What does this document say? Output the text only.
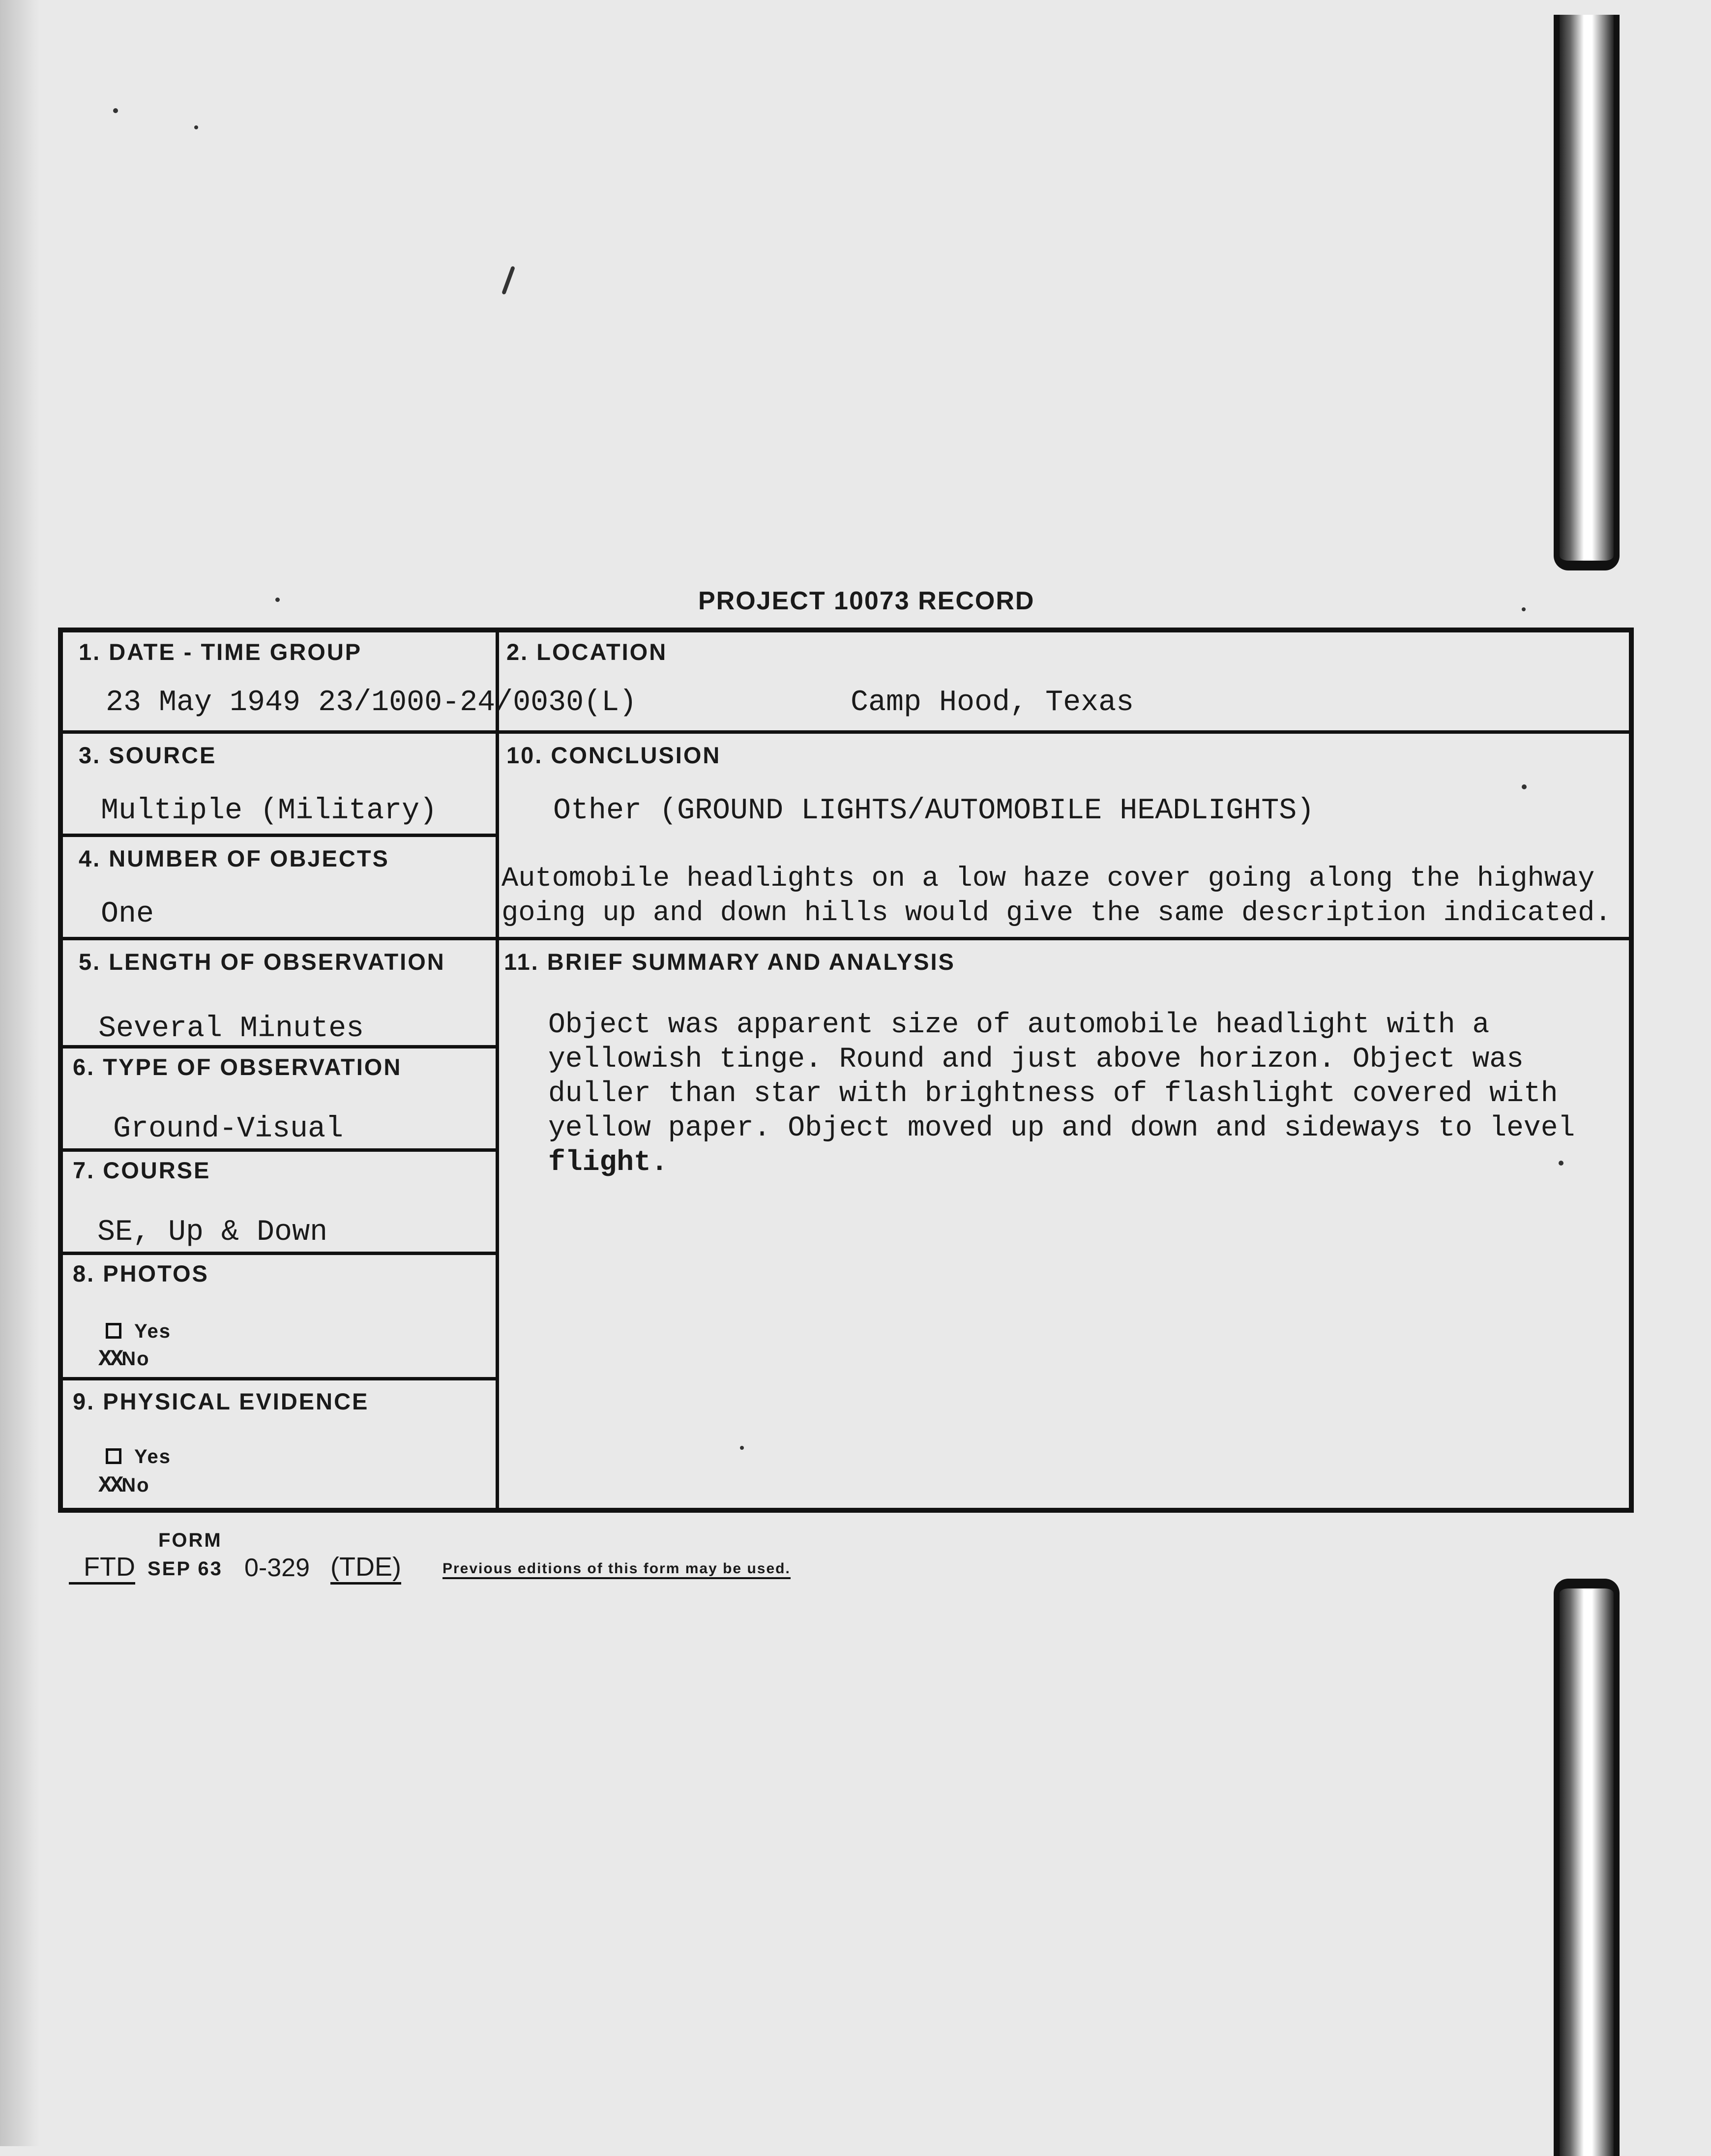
PROJECT 10073 RECORD
1. DATE - TIME GROUP
23 May 1949 23/1000-24/0030(L)
2. LOCATION
Camp Hood, Texas
3. SOURCE
Multiple (Military)
10. CONCLUSION
Other (GROUND LIGHTS/AUTOMOBILE HEADLIGHTS)
Automobile headlights on a low haze cover going along the highway
going up and down hills would give the same description indicated.
4. NUMBER OF OBJECTS
One
5. LENGTH OF OBSERVATION
Several Minutes
11. BRIEF SUMMARY AND ANALYSIS
Object was apparent size of automobile headlight with a
yellowish tinge. Round and just above horizon. Object was
duller than star with brightness of flashlight covered with
yellow paper. Object moved up and down and sideways to level
flight.
6. TYPE OF OBSERVATION
Ground-Visual
7. COURSE
SE, Up & Down
8. PHOTOS
Yes
XXNo
9. PHYSICAL EVIDENCE
Yes
XXNo
FORM
FTD SEP 63 0-329 (TDE)	Previous editions of this form may be used.
